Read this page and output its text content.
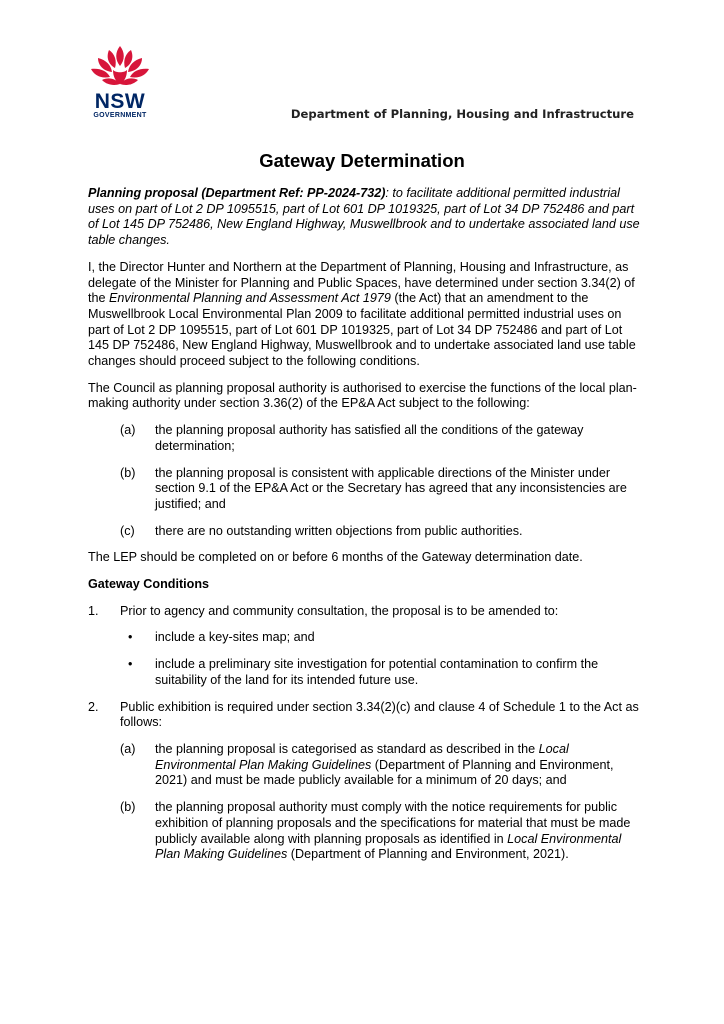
NSW
GOVERNMENT	Department of Planning, Housing and Infrastructure
Gateway Determination

Planning proposal (Department Ref: PP-2024-732): to facilitate additional permitted industrial uses on part of Lot 2 DP 1095515, part of Lot 601 DP 1019325, part of Lot 34 DP 752486 and part of Lot 145 DP 752486, New England Highway, Muswellbrook and to undertake associated land use table changes.

I, the Director Hunter and Northern at the Department of Planning, Housing and Infrastructure, as delegate of the Minister for Planning and Public Spaces, have determined under section 3.34(2) of the Environmental Planning and Assessment Act 1979 (the Act) that an amendment to the Muswellbrook Local Environmental Plan 2009 to facilitate additional permitted industrial uses on part of Lot 2 DP 1095515, part of Lot 601 DP 1019325, part of Lot 34 DP 752486 and part of Lot 145 DP 752486, New England Highway, Muswellbrook and to undertake associated land use table changes should proceed subject to the following conditions.

The Council as planning proposal authority is authorised to exercise the functions of the local plan-making authority under section 3.36(2) of the EP&A Act subject to the following:

(a) the planning proposal authority has satisfied all the conditions of the gateway determination;
(b) the planning proposal is consistent with applicable directions of the Minister under section 9.1 of the EP&A Act or the Secretary has agreed that any inconsistencies are justified; and
(c) there are no outstanding written objections from public authorities.

The LEP should be completed on or before 6 months of the Gateway determination date.

Gateway Conditions
1. Prior to agency and community consultation, the proposal is to be amended to:
• include a key-sites map; and
• include a preliminary site investigation for potential contamination to confirm the suitability of the land for its intended future use.
2. Public exhibition is required under section 3.34(2)(c) and clause 4 of Schedule 1 to the Act as follows:
(a) the planning proposal is categorised as standard as described in the Local Environmental Plan Making Guidelines (Department of Planning and Environment, 2021) and must be made publicly available for a minimum of 20 days; and
(b) the planning proposal authority must comply with the notice requirements for public exhibition of planning proposals and the specifications for material that must be made publicly available along with planning proposals as identified in Local Environmental Plan Making Guidelines (Department of Planning and Environment, 2021).
